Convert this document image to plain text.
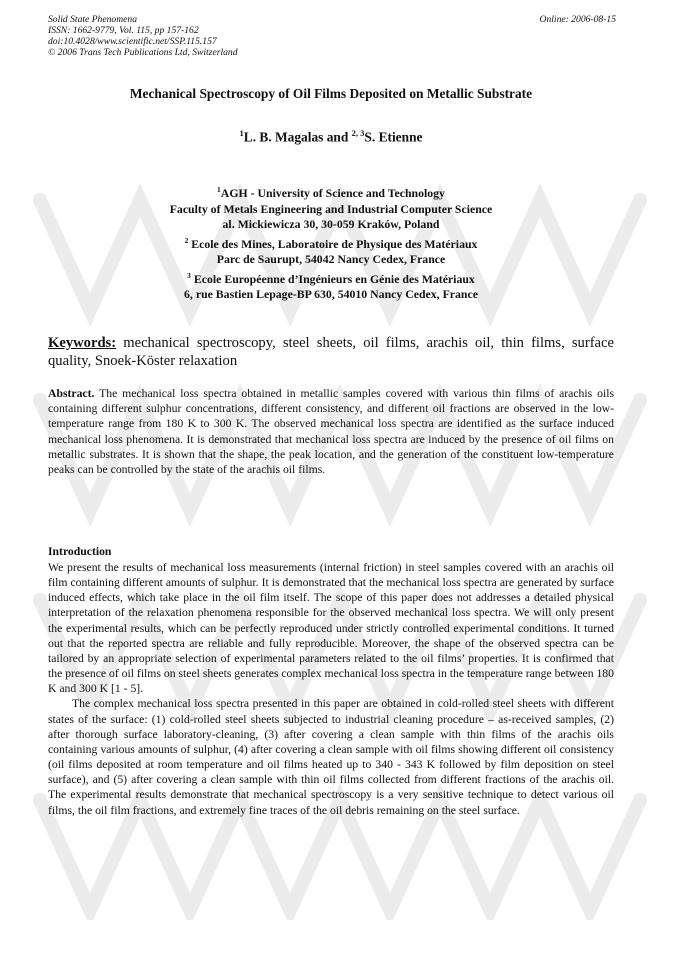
Solid State Phenomena
ISSN: 1662-9779, Vol. 115, pp 157-162
doi:10.4028/www.scientific.net/SSP.115.157
© 2006 Trans Tech Publications Ltd, Switzerland
Online: 2006-08-15
Mechanical Spectroscopy of Oil Films Deposited on Metallic Substrate
$^1$L. B. Magalas and $^{2, 3}$S. Etienne
$^1$AGH - University of Science and Technology
Faculty of Metals Engineering and Industrial Computer Science
al. Mickiewicza 30, 30-059 Kraków, Poland
$^2$ Ecole des Mines, Laboratoire de Physique des Matériaux
Parc de Saurupt, 54042 Nancy Cedex, France
$^3$ Ecole Européenne d’Ingénieurs en Génie des Matériaux
6, rue Bastien Lepage-BP 630, 54010 Nancy Cedex, France
Keywords: mechanical spectroscopy, steel sheets, oil films, arachis oil, thin films, surface quality, Snoek-Köster relaxation
Abstract. The mechanical loss spectra obtained in metallic samples covered with various thin films of arachis oils containing different sulphur concentrations, different consistency, and different oil fractions are observed in the low-temperature range from 180 K to 300 K. The observed mechanical loss spectra are identified as the surface induced mechanical loss phenomena. It is demonstrated that mechanical loss spectra are induced by the presence of oil films on metallic substrates. It is shown that the shape, the peak location, and the generation of the constituent low-temperature peaks can be controlled by the state of the arachis oil films.
Introduction

We present the results of mechanical loss measurements (internal friction) in steel samples covered with an arachis oil film containing different amounts of sulphur. It is demonstrated that the mechanical loss spectra are generated by surface induced effects, which take place in the oil film itself. The scope of this paper does not addresses a detailed physical interpretation of the relaxation phenomena responsible for the observed mechanical loss spectra. We will only present the experimental results, which can be perfectly reproduced under strictly controlled experimental conditions. It turned out that the reported spectra are reliable and fully reproducible. Moreover, the shape of the observed spectra can be tailored by an appropriate selection of experimental parameters related to the oil films’ properties. It is confirmed that the presence of oil films on steel sheets generates complex mechanical loss spectra in the temperature range between 180 K and 300 K [1 - 5].

The complex mechanical loss spectra presented in this paper are obtained in cold-rolled steel sheets with different states of the surface: (1) cold-rolled steel sheets subjected to industrial cleaning procedure – as-received samples, (2) after thorough surface laboratory-cleaning, (3) after covering a clean sample with thin films of the arachis oils containing various amounts of sulphur, (4) after covering a clean sample with oil films showing different oil consistency (oil films deposited at room temperature and oil films heated up to 340 - 343 K followed by film deposition on steel surface), and (5) after covering a clean sample with thin oil films collected from different fractions of the arachis oil. The experimental results demonstrate that mechanical spectroscopy is a very sensitive technique to detect various oil films, the oil film fractions, and extremely fine traces of the oil debris remaining on the steel surface.
